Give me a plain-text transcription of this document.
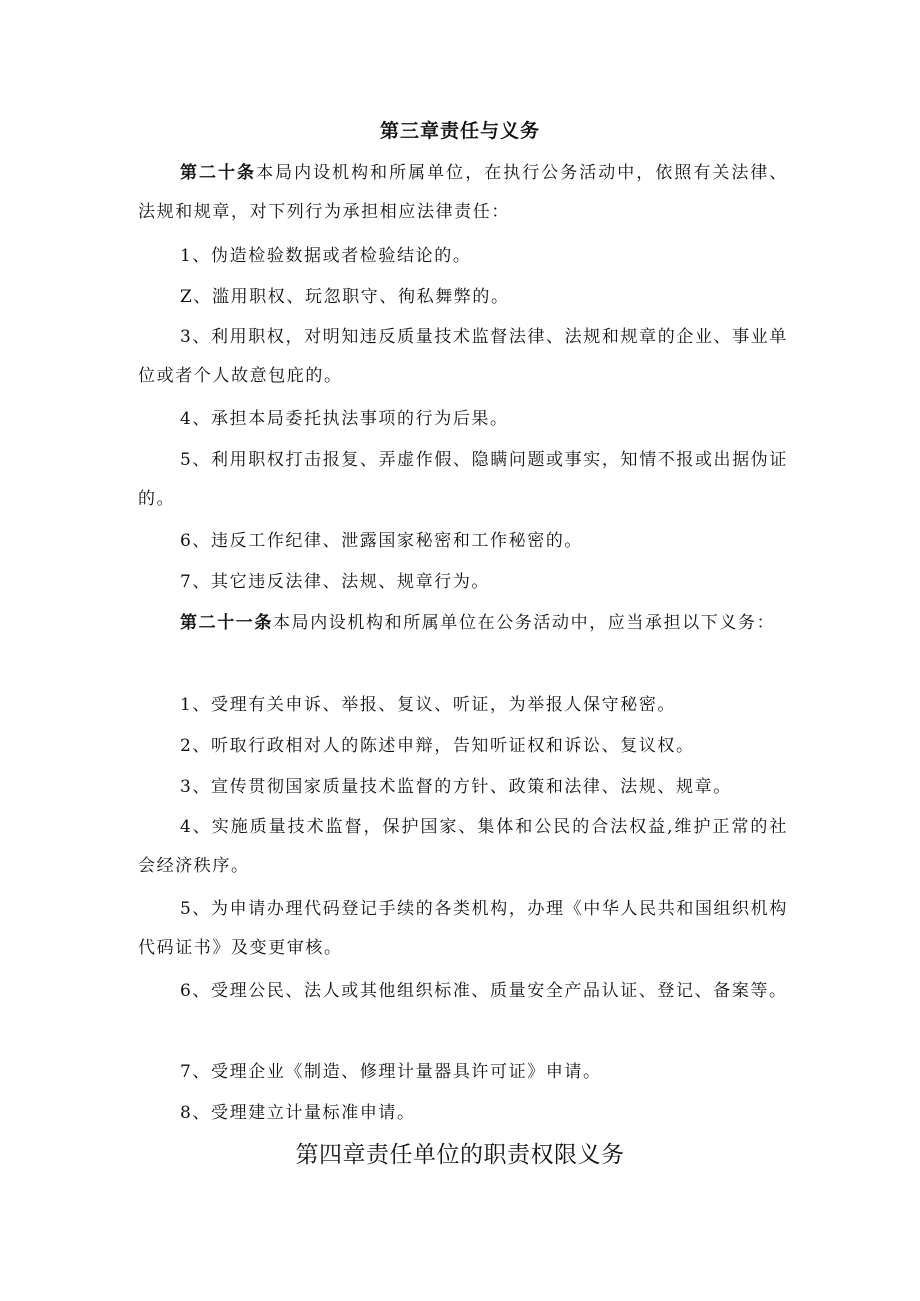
第三章责任与义务

第二十条本局内设机构和所属单位，在执行公务活动中，依照有关法律、法规和规章，对下列行为承担相应法律责任：

1、伪造检验数据或者检验结论的。

Z、滥用职权、玩忽职守、徇私舞弊的。

3、利用职权，对明知违反质量技术监督法律、法规和规章的企业、事业单位或者个人故意包庇的。

4、承担本局委托执法事项的行为后果。

5、利用职权打击报复、弄虚作假、隐瞒问题或事实，知情不报或出据伪证的。

6、违反工作纪律、泄露国家秘密和工作秘密的。

7、其它违反法律、法规、规章行为。

第二十一条本局内设机构和所属单位在公务活动中，应当承担以下义务：

1、受理有关申诉、举报、复议、听证，为举报人保守秘密。

2、听取行政相对人的陈述申辩，告知听证权和诉讼、复议权。

3、宣传贯彻国家质量技术监督的方针、政策和法律、法规、规章。

4、实施质量技术监督，保护国家、集体和公民的合法权益,维护正常的社会经济秩序。

5、为申请办理代码登记手续的各类机构，办理《中华人民共和国组织机构代码证书》及变更审核。

6、受理公民、法人或其他组织标准、质量安全产品认证、登记、备案等。

7、受理企业《制造、修理计量器具许可证》申请。

8、受理建立计量标准申请。

第四章责任单位的职责权限义务
